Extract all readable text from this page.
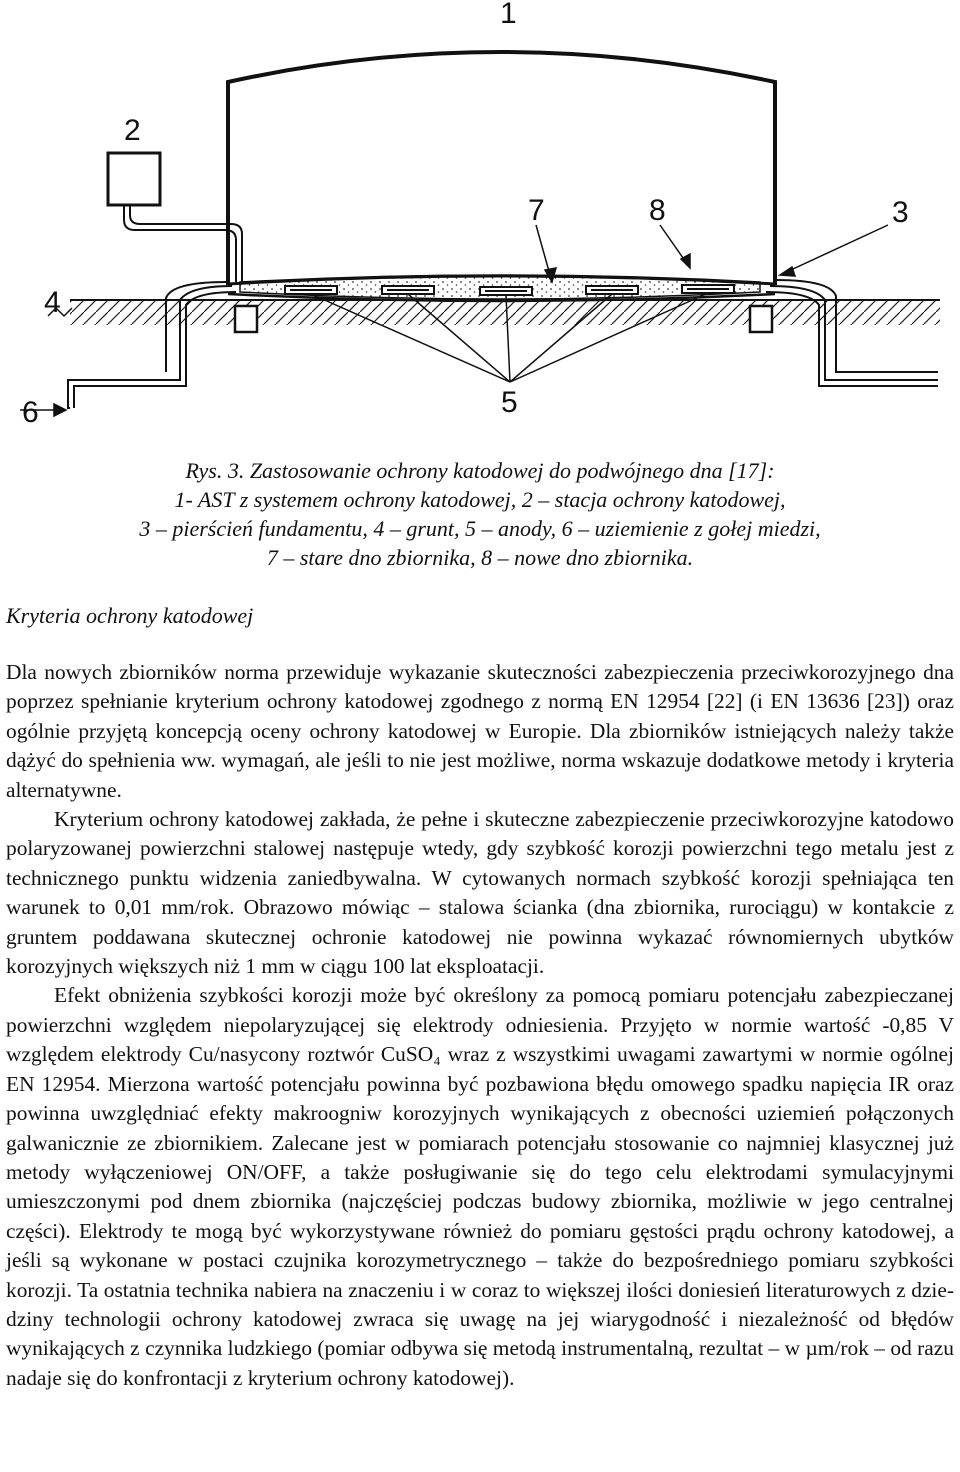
1
2
3
4
5
6
7	8
Rys. 3. Zastosowanie ochrony katodowej do podwójnego dna [17]:
1- AST z systemem ochrony katodowej, 2 – stacja ochrony katodowej,
3 – pierścień fundamentu, 4 – grunt, 5 – anody, 6 – uziemienie z gołej miedzi,
7 – stare dno zbiornika, 8 – nowe dno zbiornika.
Kryteria ochrony katodowej

Dla nowych zbiorników norma przewiduje wykazanie skuteczności zabezpieczenia przeciwkorozyjnego dna poprzez spełnianie kryterium ochrony katodowej zgodnego z normą EN 12954 [22] (i EN 13636 [23]) oraz ogólnie przyjętą koncepcją oceny ochrony katodowej w Europie. Dla zbiorników istniejących należy także dążyć do spełnienia ww. wymagań, ale jeśli to nie jest możliwe, norma wskazuje dodatkowe metody i kryteria alternatywne.

Kryterium ochrony katodowej zakłada, że pełne i skuteczne zabezpieczenie przeciwkorozyjne katodowo polaryzowanej powierzchni stalowej następuje wtedy, gdy szybkość korozji powierzchni tego metalu jest z technicznego punktu widzenia zaniedbywalna. W cytowanych normach szybkość korozji spełniająca ten warunek to 0,01 mm/rok. Obrazowo mówiąc – stalowa ścianka (dna zbiornika, rurociągu) w kontakcie z gruntem poddawana skutecznej ochronie katodowej nie powinna wykazać równomiernych ubytków korozyjnych większych niż 1 mm w ciągu 100 lat eksploatacji.

Efekt obniżenia szybkości korozji może być określony za pomocą pomiaru potencjału zabezpieczanej powierzchni względem niepolaryzującej się elektrody odniesienia. Przyjęto w normie wartość -0,85 V względem elektrody Cu/nasycony roztwór CuSO₄ wraz z wszystkimi uwagami zawartymi w normie ogólnej EN 12954. Mierzona wartość potencjału powinna być pozbawiona błędu omowego spadku napięcia IR oraz powinna uwzględniać efekty makroogniw korozyjnych wynikających z obecności uziemień połączonych galwanicznie ze zbiornikiem. Zalecane jest w pomiarach potencjału stosowanie co najmniej klasycznej już metody wyłączeniowej ON/OFF, a także posługiwanie się do tego celu elektrodami symulacyjnymi umieszczonymi pod dnem zbiornika (najczęściej podczas budowy zbiornika, możliwie w jego centralnej części). Elektrody te mogą być wykorzystywane również do pomiaru gęstości prądu ochrony katodowej, a jeśli są wykonane w postaci czujnika korozymetrycznego – także do bezpośredniego pomiaru szybkości korozji. Ta ostatnia technika nabiera na znaczeniu i w coraz to większej ilości doniesień literaturowych z dziedziny technologii ochrony katodowej zwraca się uwagę na jej wiarygodność i niezależność od błędów wynikających z czynnika ludzkiego (pomiar odbywa się metodą instrumentalną, rezultat – w µm/rok – od razu nadaje się do konfrontacji z kryterium ochrony katodowej).
